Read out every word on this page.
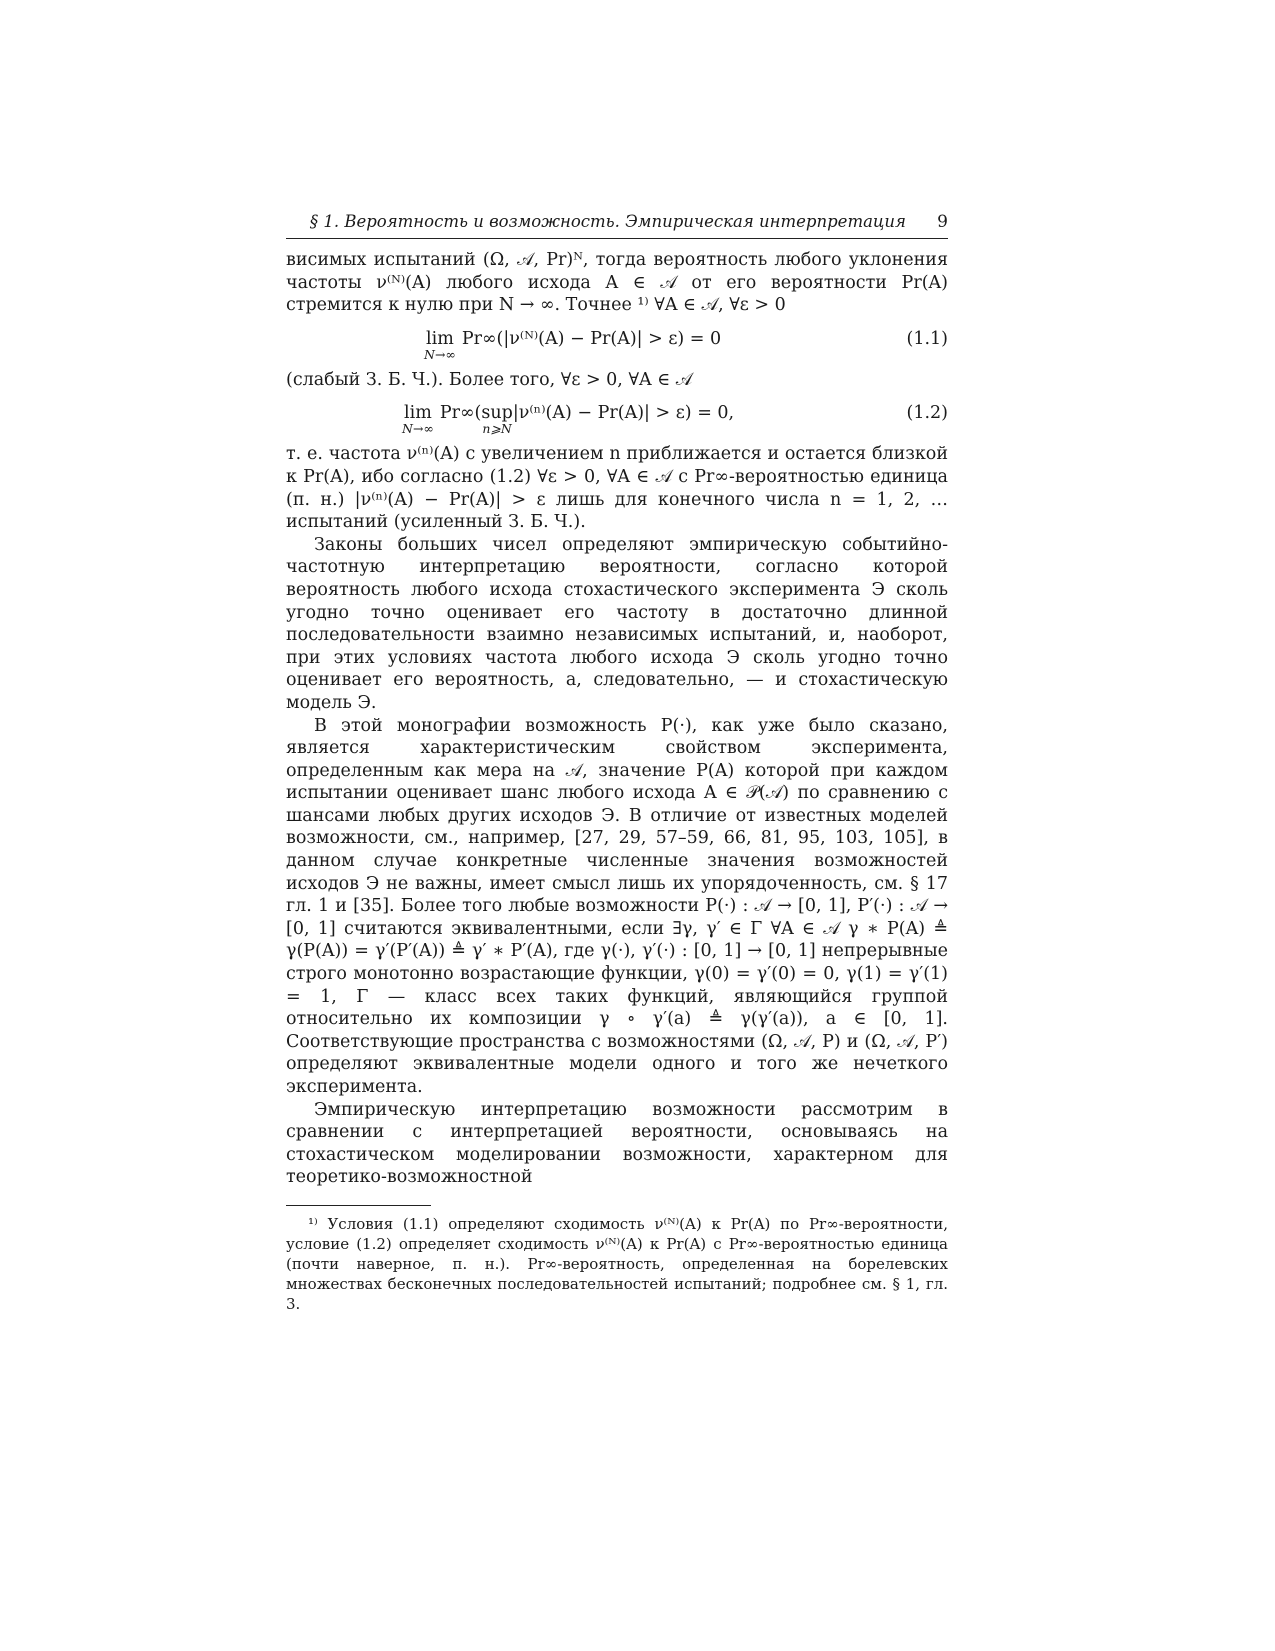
§ 1. Вероятность и возможность. Эмпирическая интерпретация 9

висимых испытаний (Ω, 𝒜, Pr)ᴺ, тогда вероятность любого уклонения частоты ν⁽ᴺ⁾(A) любого исхода A ∈ 𝒜 от его вероятности Pr(A) стремится к нулю при N → ∞. Точнее ¹⁾ ∀A ∈ 𝒜, ∀ε > 0

lim
N→∞
Pr∞(|ν⁽ᴺ⁾(A) − Pr(A)| > ε) = 0	(1.1)

(слабый З. Б. Ч.). Более того, ∀ε > 0, ∀A ∈ 𝒜

lim
N→∞
Pr∞(sup
n⩾N
|ν⁽ⁿ⁾(A) − Pr(A)| > ε) = 0,	(1.2)

т. е. частота ν⁽ⁿ⁾(A) с увеличением n приближается и остается близкой к Pr(A), ибо согласно (1.2) ∀ε > 0, ∀A ∈ 𝒜 с Pr∞-вероятностью единица (п. н.) |ν⁽ⁿ⁾(A) − Pr(A)| > ε лишь для конечного числа n = 1, 2, … испытаний (усиленный З. Б. Ч.).

Законы больших чисел определяют эмпирическую событийно-частотную интерпретацию вероятности, согласно которой вероятность любого исхода стохастического эксперимента Э сколь угодно точно оценивает его частоту в достаточно длинной последовательности взаимно независимых испытаний, и, наоборот, при этих условиях частота любого исхода Э сколь угодно точно оценивает его вероятность, а, следовательно, — и стохастическую модель Э.

В этой монографии возможность P(·), как уже было сказано, является характеристическим свойством эксперимента, определенным как мера на 𝒜, значение P(A) которой при каждом испытании оценивает шанс любого исхода A ∈ 𝒫(𝒜) по сравнению с шансами любых других исходов Э. В отличие от известных моделей возможности, см., например, [27, 29, 57–59, 66, 81, 95, 103, 105], в данном случае конкретные численные значения возможностей исходов Э не важны, имеет смысл лишь их упорядоченность, см. § 17 гл. 1 и [35]. Более того любые возможности P(·) : 𝒜 → [0, 1], P′(·) : 𝒜 → [0, 1] считаются эквивалентными, если ∃γ, γ′ ∈ Γ ∀A ∈ 𝒜 γ ∗ P(A) ≜ γ(P(A)) = γ′(P′(A)) ≜ γ′ ∗ P′(A), где γ(·), γ′(·) : [0, 1] → [0, 1] непрерывные строго монотонно возрастающие функции, γ(0) = γ′(0) = 0, γ(1) = γ′(1) = 1, Γ — класс всех таких функций, являющийся группой относительно их композиции γ ∘ γ′(a) ≜ γ(γ′(a)), a ∈ [0, 1]. Соответствующие пространства с возможностями (Ω, 𝒜, P) и (Ω, 𝒜, P′) определяют эквивалентные модели одного и того же нечеткого эксперимента.

Эмпирическую интерпретацию возможности рассмотрим в сравнении с интерпретацией вероятности, основываясь на стохастическом моделировании возможности, характерном для теоретико-возможностной

¹⁾ Условия (1.1) определяют сходимость ν⁽ᴺ⁾(A) к Pr(A) по Pr∞-вероятности, условие (1.2) определяет сходимость ν⁽ᴺ⁾(A) к Pr(A) с Pr∞-вероятностью единица (почти наверное, п. н.). Pr∞-вероятность, определенная на борелевских множествах бесконечных последовательностей испытаний; подробнее см. § 1, гл. 3.
